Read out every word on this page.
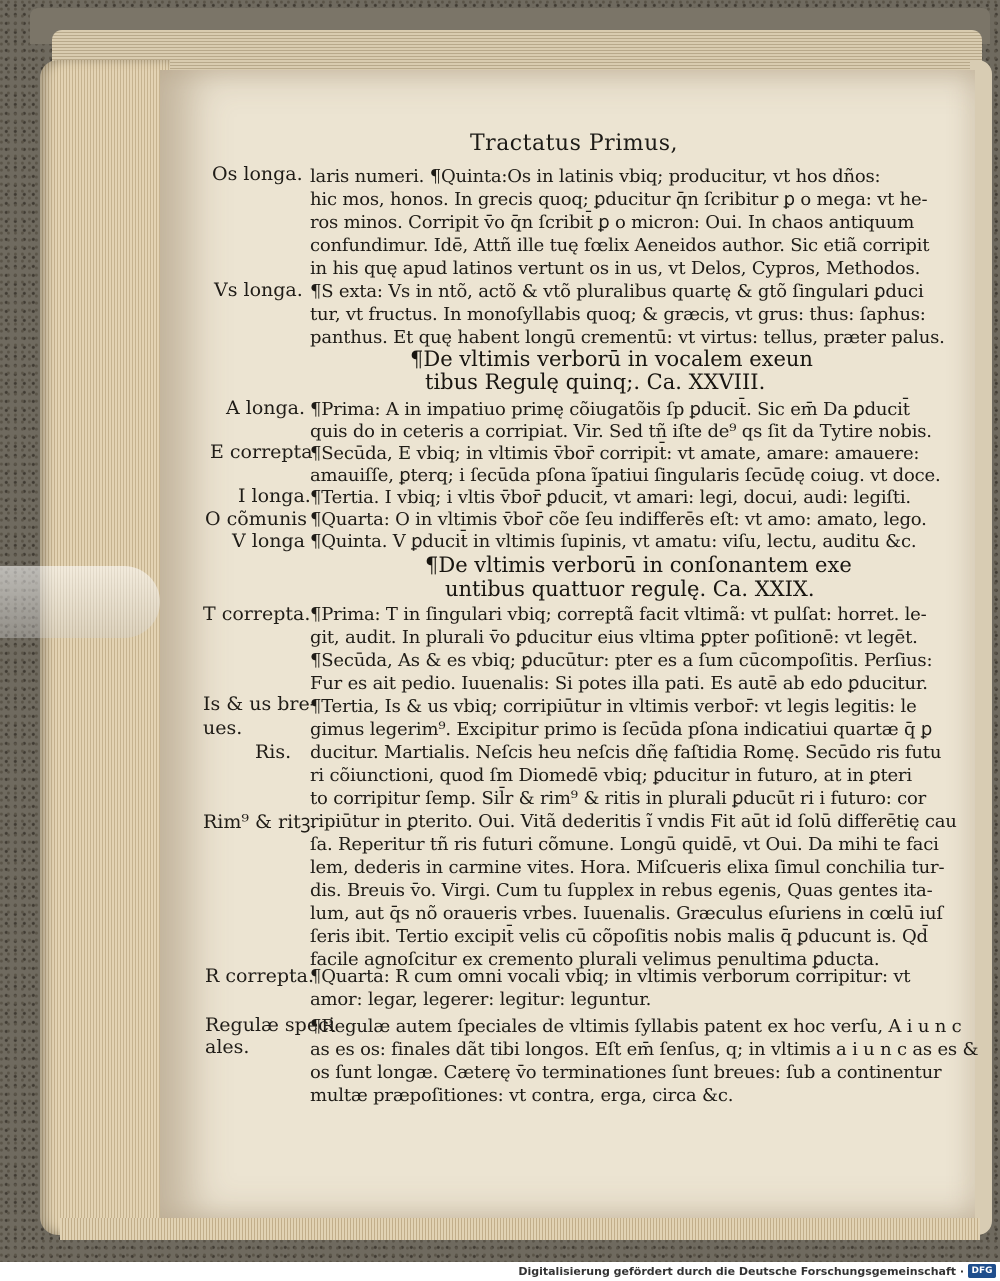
Tractatus Primus,
Os longa.
Vs longa.
A longa.
E correpta
I longa.
O cõmunis
V longa
T correpta.
Is & us bre-
ues.
Ris.
Rim⁹ & ritꝫ.
R correpta.
Regulæ speci
ales.
laris numeri. ¶Quinta:Os in latinis vbiq; producitur, vt hos dños:
hic mos, honos. In grecis quoq; ꝑducitur q̄n ſcribitur ꝑ o mega: vt he-
ros minos. Corripit v̄o q̄n ſcribit̄ ꝑ o micron: Oui. In chaos antiquum
confundimur. Idē, Attñ ille tuę fœlix Aeneidos author. Sic etiã corripit
in his quę apud latinos vertunt os in us, vt Delos, Cypros, Methodos.
¶S exta: Vs in ntõ, actõ & vtõ pluralibus quartę & gtõ ſingulari ꝑduci
tur, vt fructus. In monoſyllabis quoq; & græcis, vt grus: thus: ſaphus:
panthus. Et quę habent longū crementū: vt virtus: tellus, præter palus.
¶De vltimis verborū in vocalem exeun
tibus Regulę quinq;. Ca. XXVIII.
¶Prima: A in impatiuo primę cõiugatõis ſp ꝑducit̄. Sic em̄ Da ꝑducit̄
quis do in ceteris a corripiat. Vir. Sed tñ iſte de⁹ qs ſit da Tytire nobis.
¶Secūda, E vbiq; in vltimis v̄bor̄ corripit̄: vt amate, amare: amauere:
amauiſſe, ꝑterq; i ſecūda pſona ĩpatiui ſingularis ſecūdę coiug. vt doce.
¶Tertia. I vbiq; i vltis v̄bor̄ ꝑducit̄, vt amari: legi, docui, audi: legiſti.
¶Quarta: O in vltimis v̄bor̄ cõe ſeu indifferēs eſt: vt amo: amato, lego.
¶Quinta. V ꝑducit̄ in vltimis ſupinis, vt amatu: viſu, lectu, auditu &c.
¶De vltimis verborū in conſonantem exe
untibus quattuor regulę. Ca. XXIX.
¶Prima: T in ſingulari vbiq; correptã facit vltimã: vt pulſat: horret. le-
git, audit. In plurali v̄o ꝑducitur eius vltima ꝑpter poſitionē: vt legēt.
¶Secūda, As & es vbiq; ꝑducūtur: pter es a ſum cūcompoſitis. Perſius:
Fur es ait pedio. Iuuenalis: Si potes illa pati. Es autē ab edo ꝑducitur.
¶Tertia, Is & us vbiq; corripiūtur in vltimis verbor̄: vt legis legitis: le
gimus legerim⁹. Excipitur primo is ſecūda pſona indicatiui quartæ q̄ ꝑ
ducitur. Martialis. Neſcis heu neſcis dñę faſtidia Romę. Secūdo ris futu
ri cõiunctioni, quod ſm Diomedē vbiq; ꝑducitur in futuro, at in ꝑteri
to corripitur ſemp. Sil̄r & rim⁹ & ritis in plurali ꝑducūt ri i futuro: cor
ripiūtur in ꝑterito. Oui. Vitã dederitis ĩ vndis Fit aūt id ſolū differētię cau
ſa. Reperitur tñ ris futuri cõmune. Longū quidē, vt Oui. Da mihi te faci
lem, dederis in carmine vites. Hora. Miſcueris elixa ſimul conchilia tur-
dis. Breuis v̄o. Virgi. Cum tu ſupplex in rebus egenis, Quas gentes ita-
lum, aut q̄s nõ oraueris vrbes. Iuuenalis. Græculus eſuriens in cœlū iuſ
ſeris ibit. Tertio excipit̄ velis cū cõpoſitis nobis malis q̄ ꝑducunt is. Qd̄
facile agnoſcitur ex cremento plurali velimus penultima ꝑducta.
¶Quarta: R cum omni vocali vbiq; in vltimis verborum corripitur: vt
amor: legar, legerer: legitur: leguntur.
¶Regulæ autem ſpeciales de vltimis ſyllabis patent ex hoc verſu, A i u n c
as es os: finales dãt tibi longos. Eſt em̄ ſenſus, q; in vltimis a i u n c as es &
os ſunt longæ. Cæterę v̄o terminationes ſunt breues: ſub a continentur
multæ præpoſitiones: vt contra, erga, circa &c.
Digitalisierung gefördert durch die Deutsche Forschungsgemeinschaft · DFG
